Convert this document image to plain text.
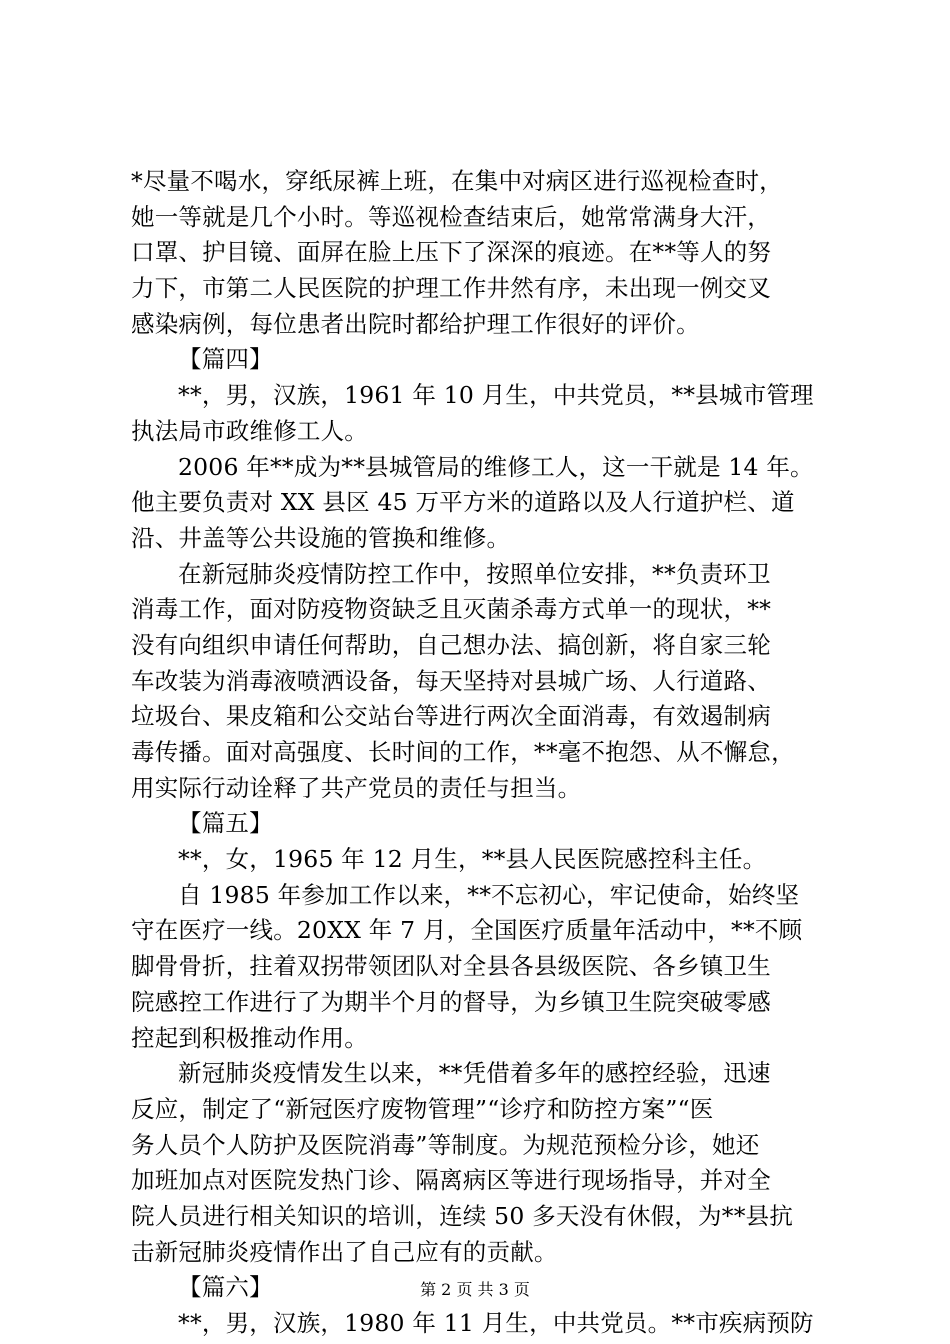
*尽量不喝水，穿纸尿裤上班，在集中对病区进行巡视检查时，
她一等就是几个小时。等巡视检查结束后，她常常满身大汗，
口罩、护目镜、面屏在脸上压下了深深的痕迹。在**等人的努
力下，市第二人民医院的护理工作井然有序，未出现一例交叉
感染病例，每位患者出院时都给护理工作很好的评价。
【篇四】
**，男，汉族，1961 年 10 月生，中共党员，**县城市管理
执法局市政维修工人。
2006 年**成为**县城管局的维修工人，这一干就是 14 年。
他主要负责对 XX 县区 45 万平方米的道路以及人行道护栏、道
沿、井盖等公共设施的管换和维修。
在新冠肺炎疫情防控工作中，按照单位安排，**负责环卫
消毒工作，面对防疫物资缺乏且灭菌杀毒方式单一的现状，**
没有向组织申请任何帮助，自己想办法、搞创新，将自家三轮
车改装为消毒液喷洒设备，每天坚持对县城广场、人行道路、
垃圾台、果皮箱和公交站台等进行两次全面消毒，有效遏制病
毒传播。面对高强度、长时间的工作，**毫不抱怨、从不懈怠，
用实际行动诠释了共产党员的责任与担当。
【篇五】
**，女，1965 年 12 月生，**县人民医院感控科主任。
自 1985 年参加工作以来，**不忘初心，牢记使命，始终坚
守在医疗一线。20XX 年 7 月，全国医疗质量年活动中，**不顾
脚骨骨折，拄着双拐带领团队对全县各县级医院、各乡镇卫生
院感控工作进行了为期半个月的督导，为乡镇卫生院突破零感
控起到积极推动作用。
新冠肺炎疫情发生以来，**凭借着多年的感控经验，迅速
反应，制定了“新冠医疗废物管理”“诊疗和防控方案”“医
务人员个人防护及医院消毒”等制度。为规范预检分诊，她还
加班加点对医院发热门诊、隔离病区等进行现场指导，并对全
院人员进行相关知识的培训，连续 50 多天没有休假，为**县抗
击新冠肺炎疫情作出了自己应有的贡献。
【篇六】
**，男，汉族，1980 年 11 月生，中共党员。**市疾病预防
第 2 页 共 3 页
